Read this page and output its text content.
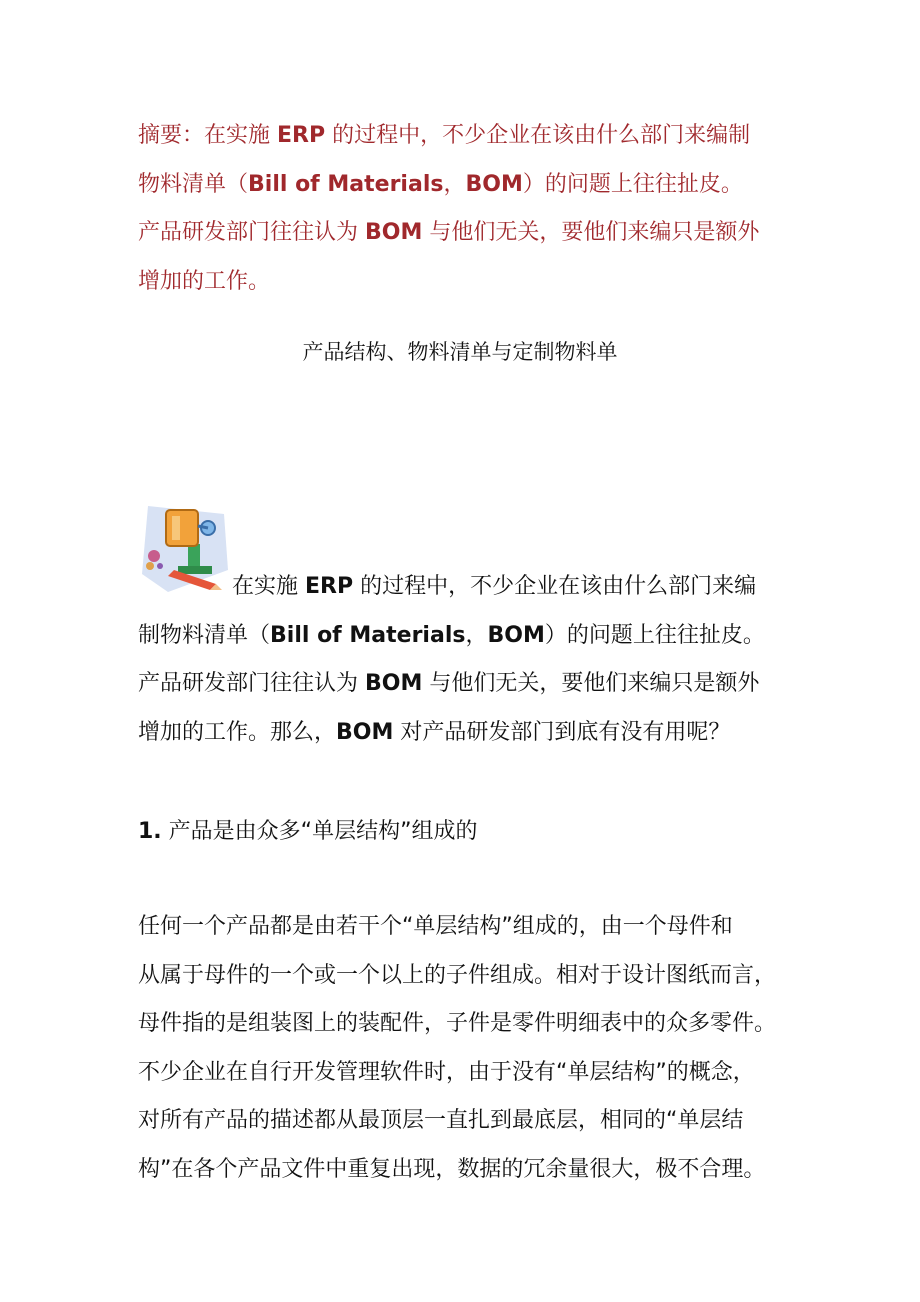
摘要：在实施 ERP 的过程中，不少企业在该由什么部门来编制

物料清单（Bill of Materials，BOM）的问题上往往扯皮。

产品研发部门往往认为 BOM 与他们无关，要他们来编只是额外

增加的工作。

产品结构、物料清单与定制物料单

在实施 ERP 的过程中，不少企业在该由什么部门来编

制物料清单（Bill of Materials，BOM）的问题上往往扯皮。

产品研发部门往往认为 BOM 与他们无关，要他们来编只是额外

增加的工作。那么，BOM 对产品研发部门到底有没有用呢？

1. 产品是由众多“单层结构”组成的

任何一个产品都是由若干个“单层结构”组成的，由一个母件和

从属于母件的一个或一个以上的子件组成。相对于设计图纸而言，

母件指的是组装图上的装配件，子件是零件明细表中的众多零件。

不少企业在自行开发管理软件时，由于没有“单层结构”的概念，

对所有产品的描述都从最顶层一直扎到最底层，相同的“单层结

构”在各个产品文件中重复出现，数据的冗余量很大，极不合理。
